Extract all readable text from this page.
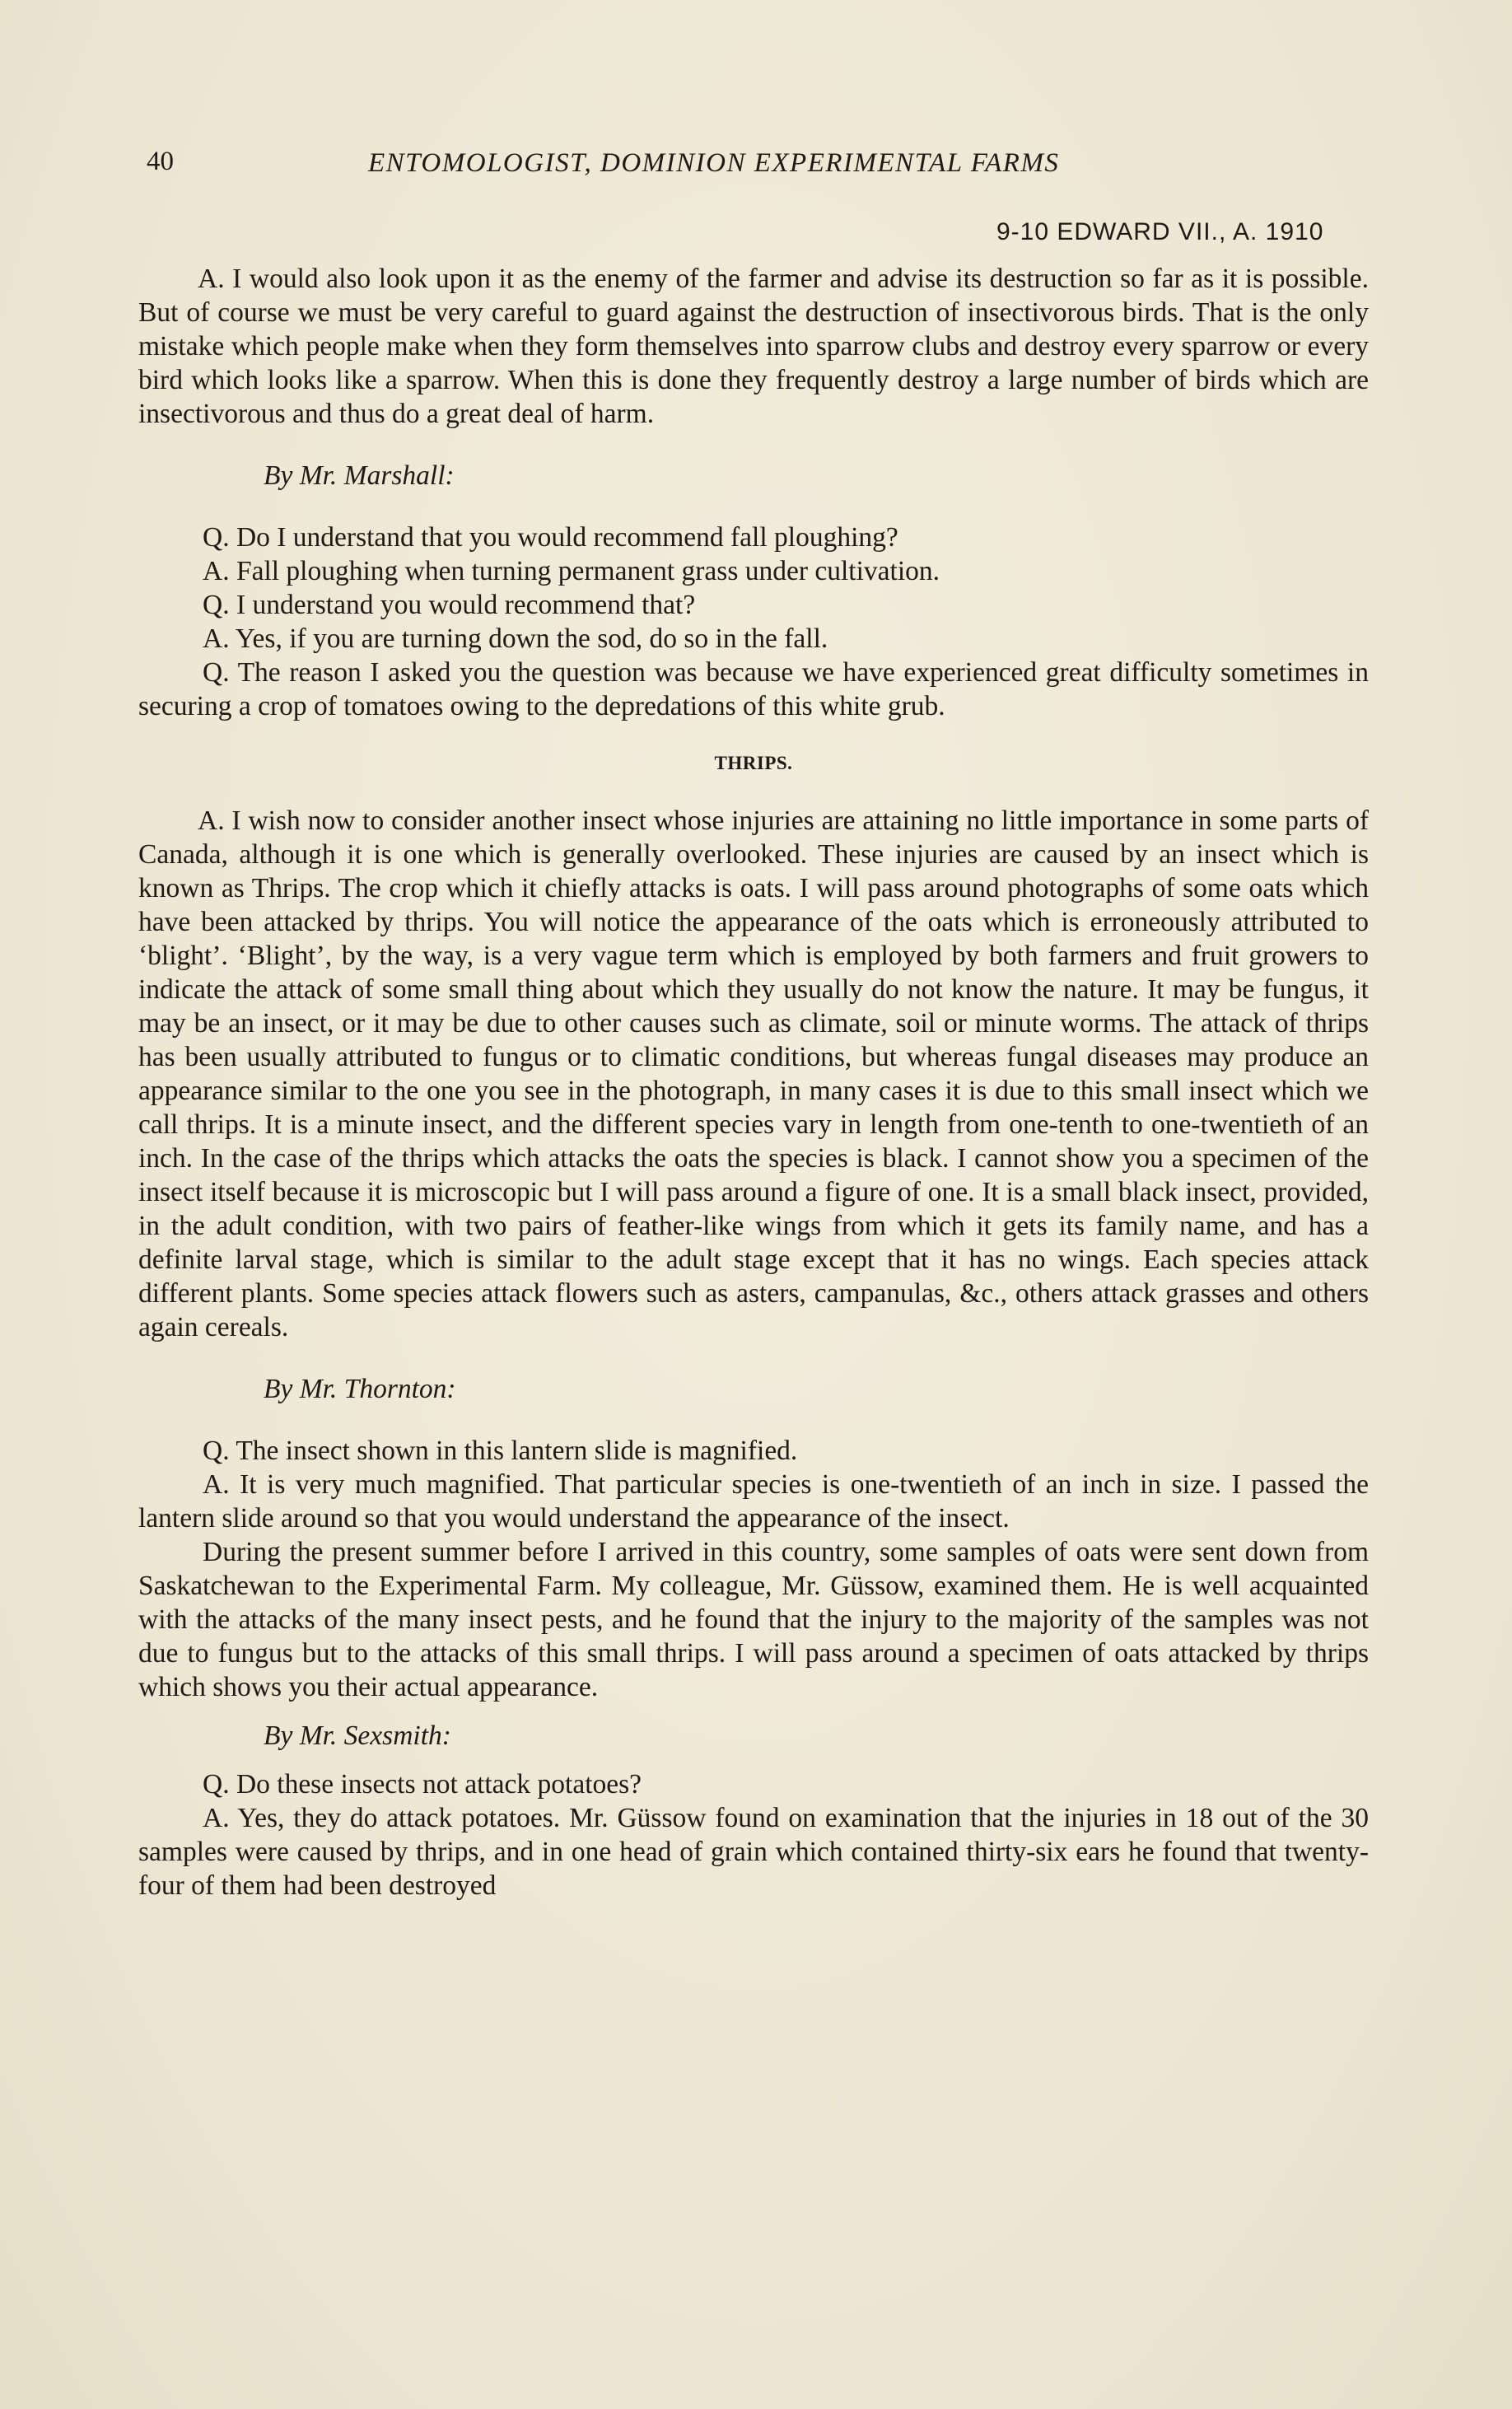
40	ENTOMOLOGIST, DOMINION EXPERIMENTAL FARMS
9-10 EDWARD VII., A. 1910

A. I would also look upon it as the enemy of the farmer and advise its destruction so far as it is possible. But of course we must be very careful to guard against the destruction of insectivorous birds. That is the only mistake which people make when they form themselves into sparrow clubs and destroy every sparrow or every bird which looks like a sparrow. When this is done they frequently destroy a large number of birds which are insectivorous and thus do a great deal of harm.

By Mr. Marshall:

Q. Do I understand that you would recommend fall ploughing?

A. Fall ploughing when turning permanent grass under cultivation.

Q. I understand you would recommend that?

A. Yes, if you are turning down the sod, do so in the fall.

Q. The reason I asked you the question was because we have experienced great difficulty sometimes in securing a crop of tomatoes owing to the depredations of this white grub.

THRIPS.

A. I wish now to consider another insect whose injuries are attaining no little importance in some parts of Canada, although it is one which is generally overlooked. These injuries are caused by an insect which is known as Thrips. The crop which it chiefly attacks is oats. I will pass around photographs of some oats which have been attacked by thrips. You will notice the appearance of the oats which is erroneously attributed to ‘blight’. ‘Blight’, by the way, is a very vague term which is employed by both farmers and fruit growers to indicate the attack of some small thing about which they usually do not know the nature. It may be fungus, it may be an insect, or it may be due to other causes such as climate, soil or minute worms. The attack of thrips has been usually attributed to fungus or to climatic conditions, but whereas fungal diseases may produce an appearance similar to the one you see in the photograph, in many cases it is due to this small insect which we call thrips. It is a minute insect, and the different species vary in length from one-tenth to one-twentieth of an inch. In the case of the thrips which attacks the oats the species is black. I cannot show you a specimen of the insect itself because it is microscopic but I will pass around a figure of one. It is a small black insect, provided, in the adult condition, with two pairs of feather-like wings from which it gets its family name, and has a definite larval stage, which is similar to the adult stage except that it has no wings. Each species attack different plants. Some species attack flowers such as asters, campanulas, &c., others attack grasses and others again cereals.

By Mr. Thornton:

Q. The insect shown in this lantern slide is magnified.

A. It is very much magnified. That particular species is one-twentieth of an inch in size. I passed the lantern slide around so that you would understand the appearance of the insect.

During the present summer before I arrived in this country, some samples of oats were sent down from Saskatchewan to the Experimental Farm. My colleague, Mr. Güssow, examined them. He is well acquainted with the attacks of the many insect pests, and he found that the injury to the majority of the samples was not due to fungus but to the attacks of this small thrips. I will pass around a specimen of oats attacked by thrips which shows you their actual appearance.

By Mr. Sexsmith:

Q. Do these insects not attack potatoes?

A. Yes, they do attack potatoes. Mr. Güssow found on examination that the injuries in 18 out of the 30 samples were caused by thrips, and in one head of grain which contained thirty-six ears he found that twenty-four of them had been destroyed
